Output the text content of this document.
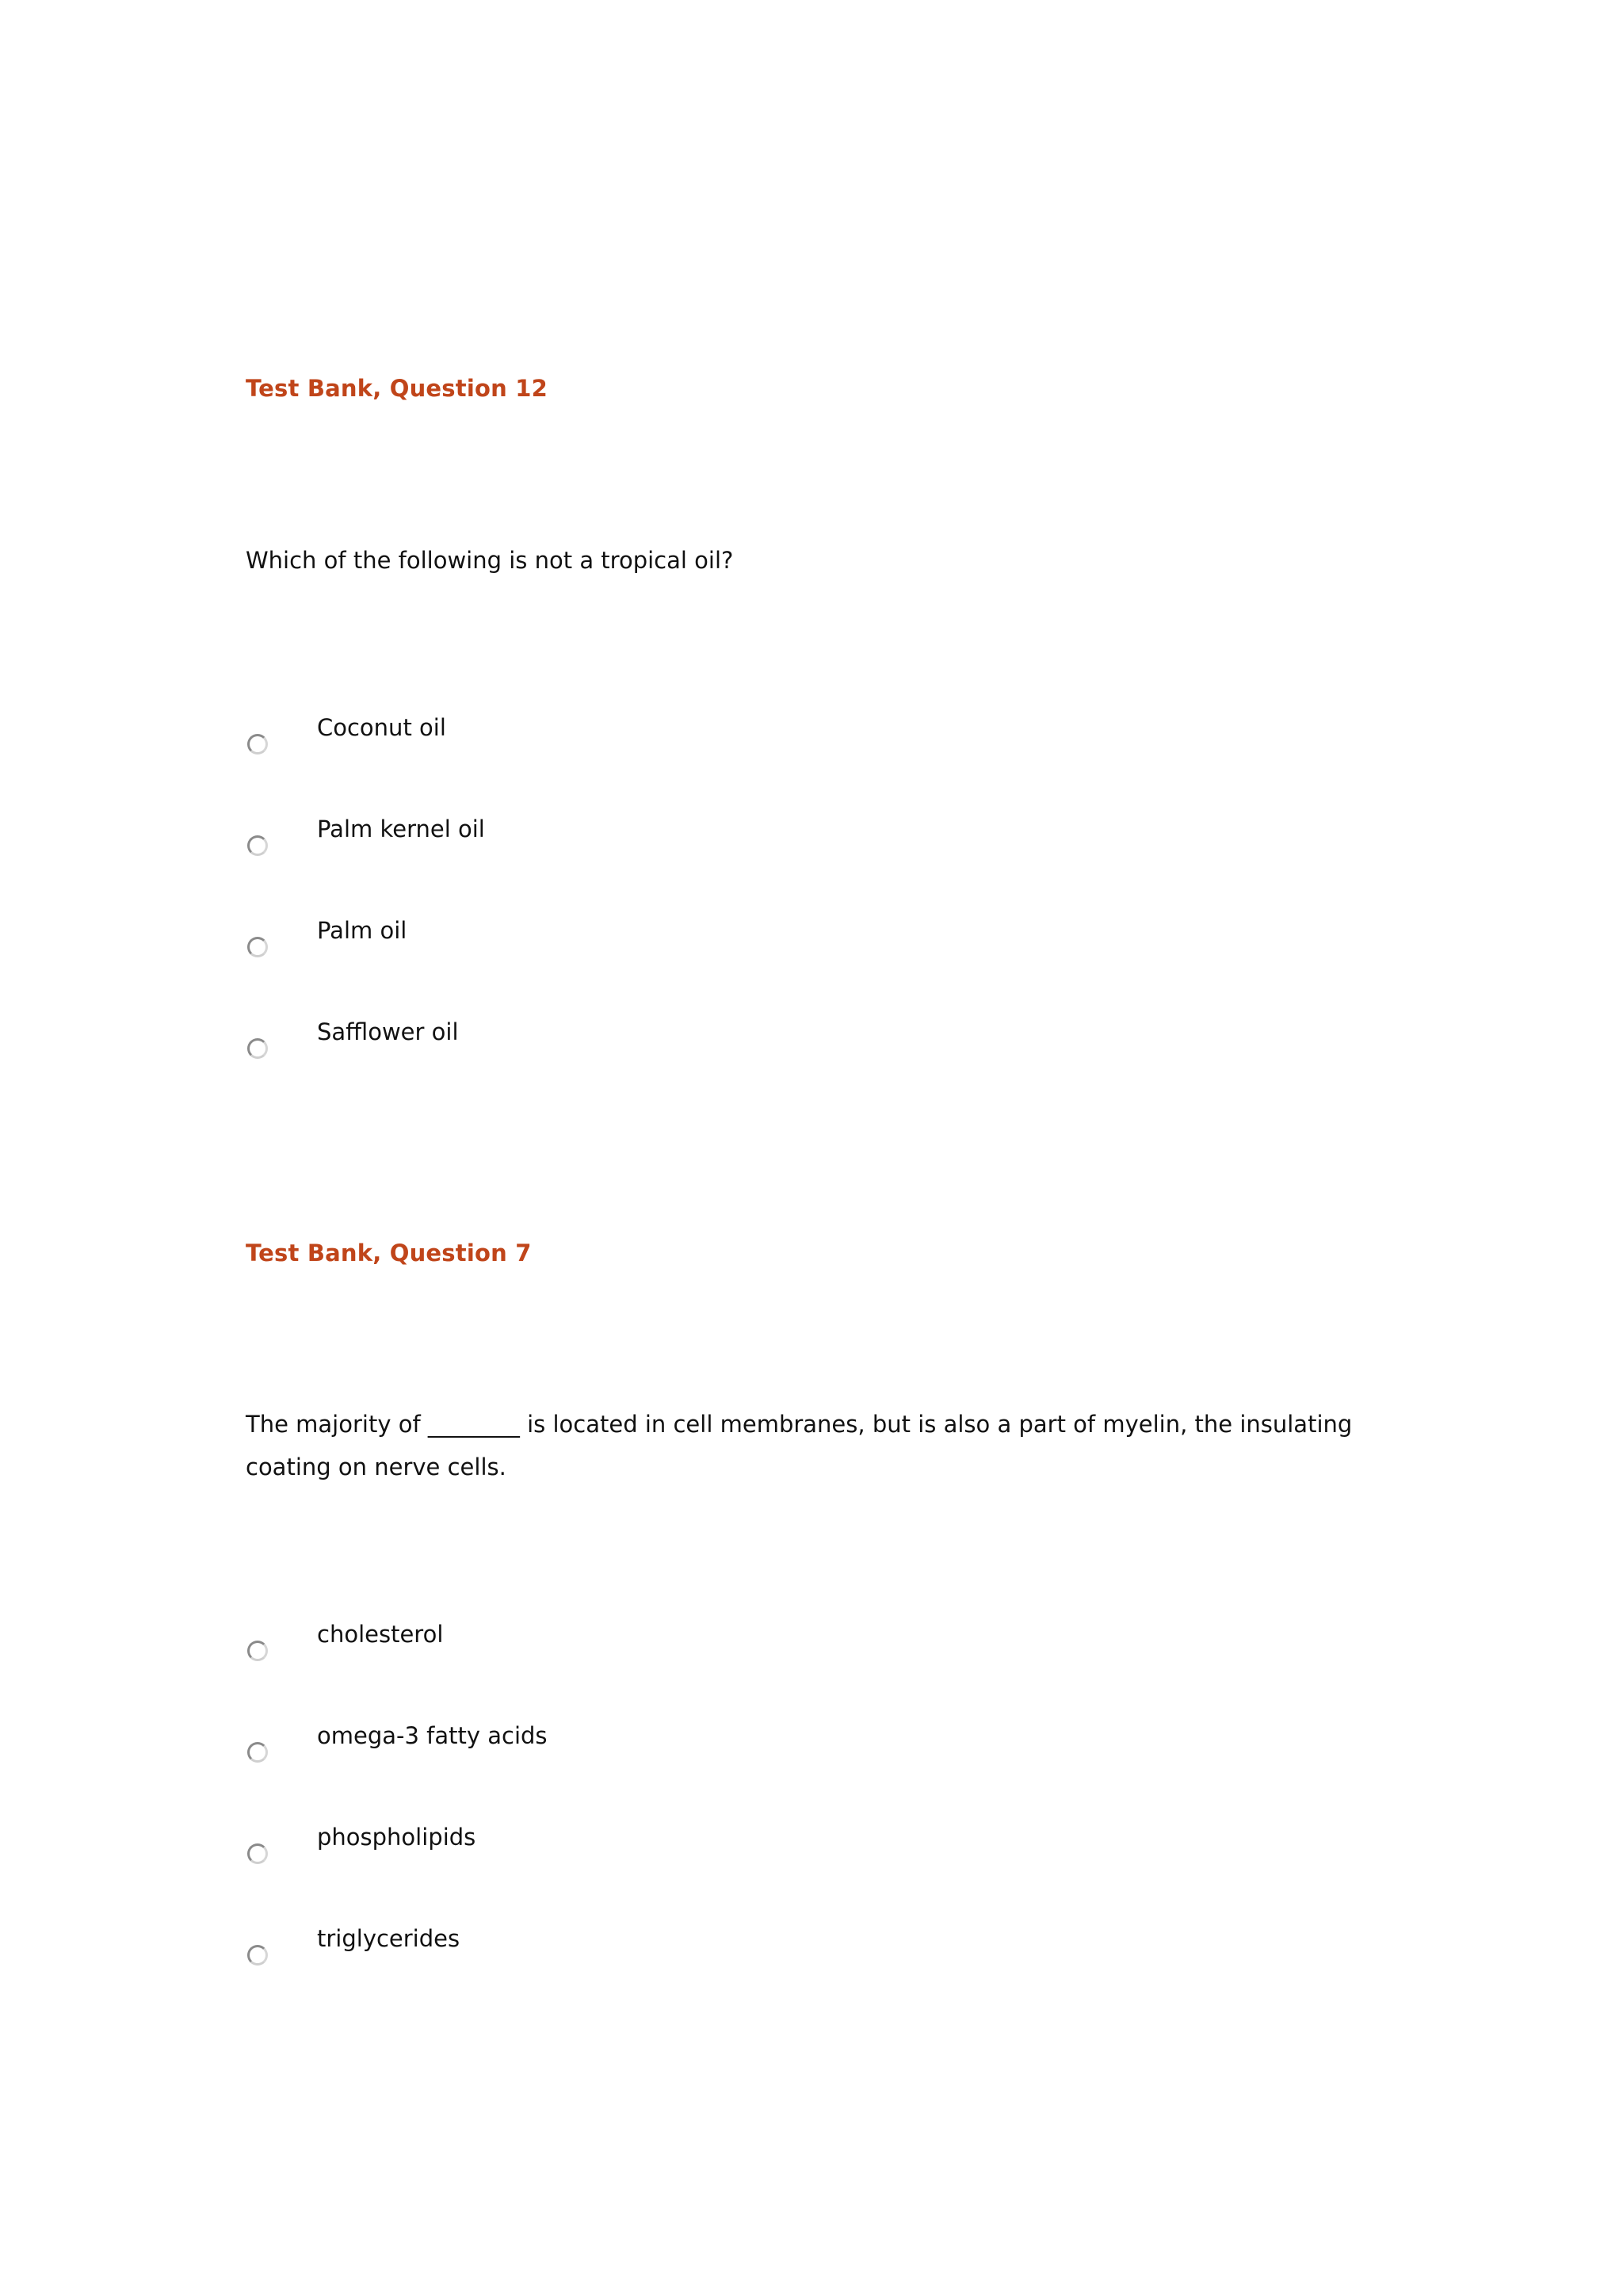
Test Bank, Question 12

Which of the following is not a tropical oil?

Coconut oil
Palm kernel oil
Palm oil
Safflower oil
Test Bank, Question 7

The majority of ________ is located in cell membranes, but is also a part of myelin, the insulating coating on nerve cells.

cholesterol
omega-3 fatty acids
phospholipids
triglycerides
